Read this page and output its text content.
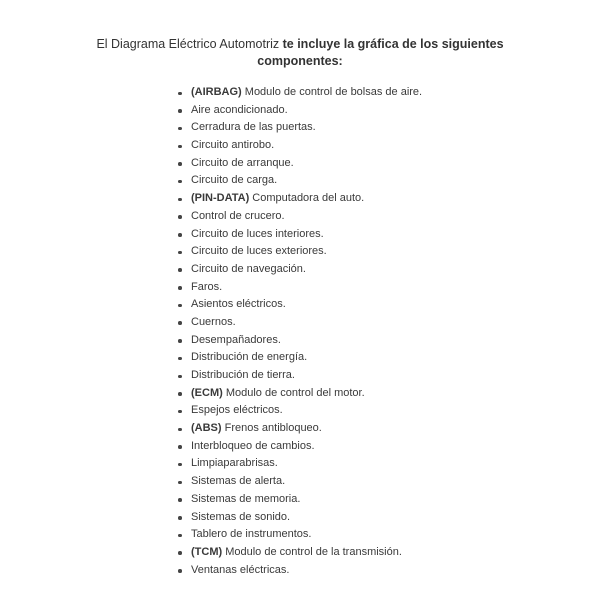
El Diagrama Eléctrico Automotriz te incluye la gráfica de los siguientes
componentes:
(AIRBAG) Modulo de control de bolsas de aire.
Aire acondicionado.
Cerradura de las puertas.
Circuito antirobo.
Circuito de arranque.
Circuito de carga.
(PIN-DATA) Computadora del auto.
Control de crucero.
Circuito de luces interiores.
Circuito de luces exteriores.
Circuito de navegación.
Faros.
Asientos eléctricos.
Cuernos.
Desempañadores.
Distribución de energía.
Distribución de tierra.
(ECM) Modulo de control del motor.
Espejos eléctricos.
(ABS) Frenos antibloqueo.
Interbloqueo de cambios.
Limpiaparabrisas.
Sistemas de alerta.
Sistemas de memoria.
Sistemas de sonido.
Tablero de instrumentos.
(TCM) Modulo de control de la transmisión.
Ventanas eléctricas.
